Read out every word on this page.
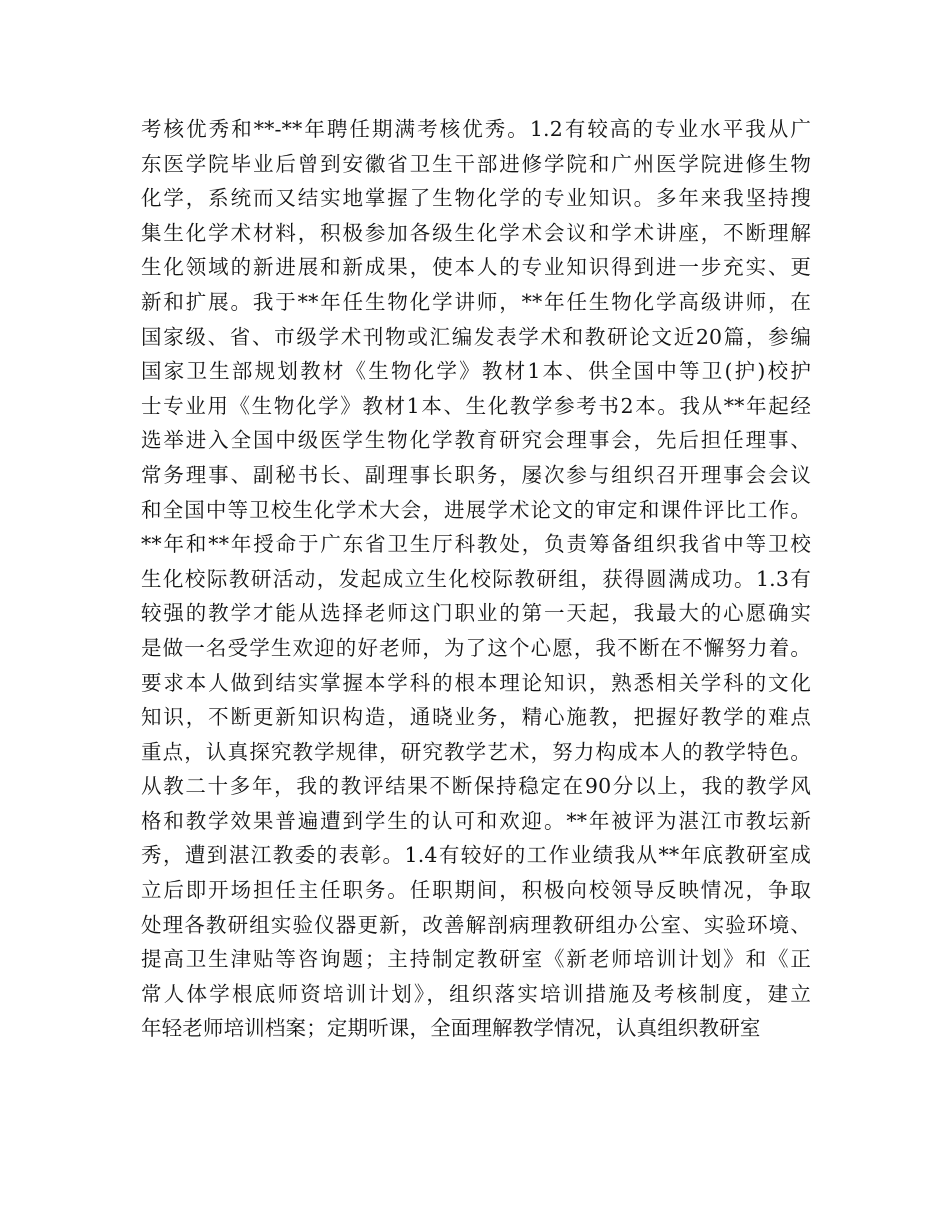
考核优秀和**-**年聘任期满考核优秀。1.2有较高的专业水平我从广
东医学院毕业后曾到安徽省卫生干部进修学院和广州医学院进修生物
化学，系统而又结实地掌握了生物化学的专业知识。多年来我坚持搜
集生化学术材料，积极参加各级生化学术会议和学术讲座，不断理解
生化领域的新进展和新成果，使本人的专业知识得到进一步充实、更
新和扩展。我于**年任生物化学讲师，**年任生物化学高级讲师，在
国家级、省、市级学术刊物或汇编发表学术和教研论文近20篇，参编
国家卫生部规划教材《生物化学》教材1本、供全国中等卫(护)校护
士专业用《生物化学》教材1本、生化教学参考书2本。我从**年起经
选举进入全国中级医学生物化学教育研究会理事会，先后担任理事、
常务理事、副秘书长、副理事长职务，屡次参与组织召开理事会会议
和全国中等卫校生化学术大会，进展学术论文的审定和课件评比工作。
**年和**年授命于广东省卫生厅科教处，负责筹备组织我省中等卫校
生化校际教研活动，发起成立生化校际教研组，获得圆满成功。1.3有
较强的教学才能从选择老师这门职业的第一天起，我最大的心愿确实
是做一名受学生欢迎的好老师，为了这个心愿，我不断在不懈努力着。
要求本人做到结实掌握本学科的根本理论知识，熟悉相关学科的文化
知识，不断更新知识构造，通晓业务，精心施教，把握好教学的难点
重点，认真探究教学规律，研究教学艺术，努力构成本人的教学特色。
从教二十多年，我的教评结果不断保持稳定在90分以上，我的教学风
格和教学效果普遍遭到学生的认可和欢迎。**年被评为湛江市教坛新
秀，遭到湛江教委的表彰。1.4有较好的工作业绩我从**年底教研室成
立后即开场担任主任职务。任职期间，积极向校领导反映情况，争取
处理各教研组实验仪器更新，改善解剖病理教研组办公室、实验环境、
提高卫生津贴等咨询题；主持制定教研室《新老师培训计划》和《正
常人体学根底师资培训计划》，组织落实培训措施及考核制度，建立
年轻老师培训档案；定期听课，全面理解教学情况，认真组织教研室
